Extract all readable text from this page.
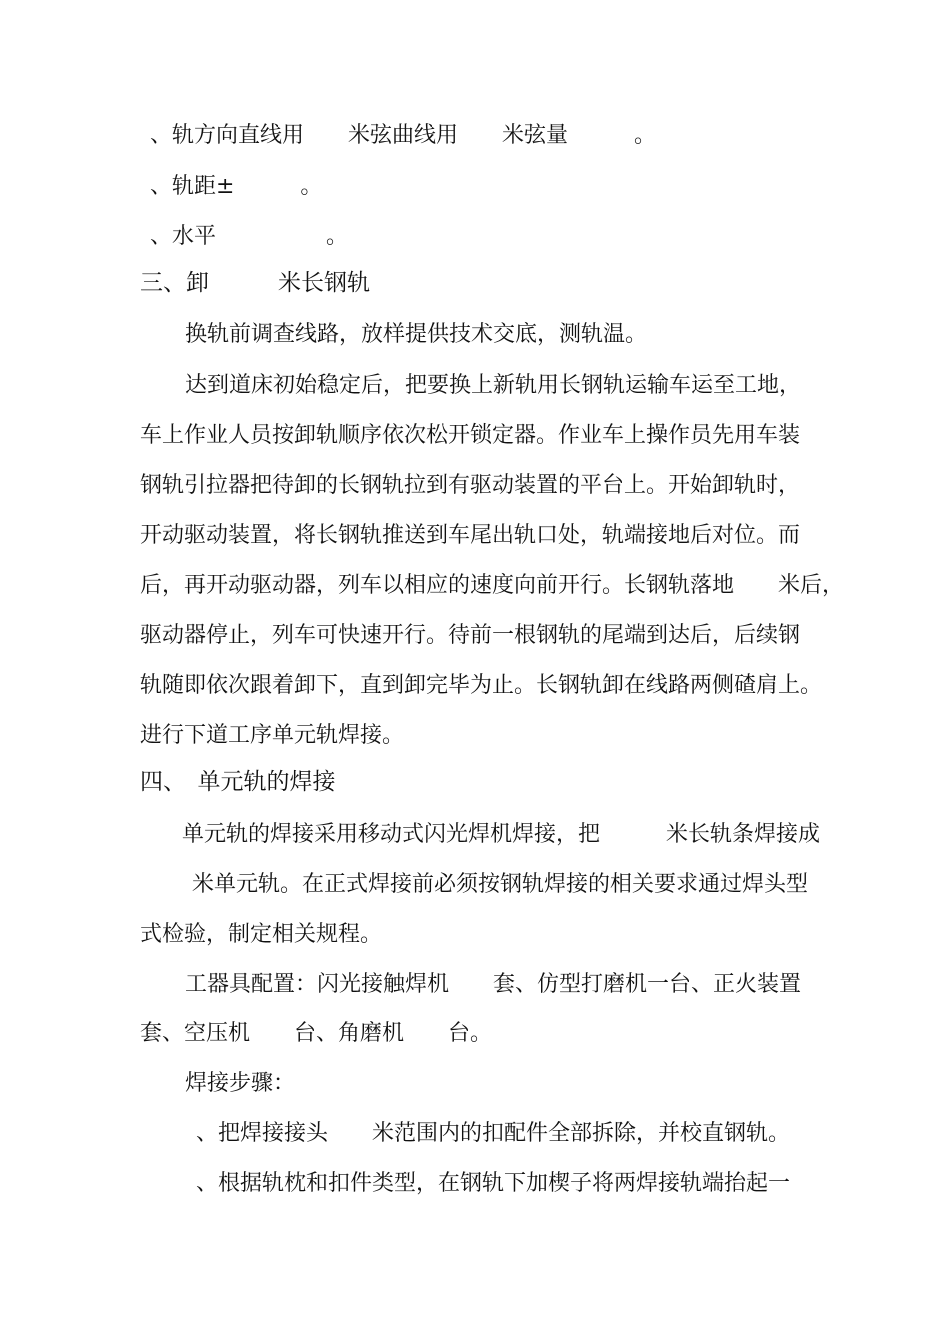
、轨方向直线用　　米弦曲线用　　米弦量　　　。
、轨距±　　　。
、水平　　　　　。
三、卸　　　米长钢轨
换轨前调查线路，放样提供技术交底，测轨温。
达到道床初始稳定后，把要换上新轨用长钢轨运输车运至工地，
车上作业人员按卸轨顺序依次松开锁定器。作业车上操作员先用车装
钢轨引拉器把待卸的长钢轨拉到有驱动装置的平台上。开始卸轨时，
开动驱动装置，将长钢轨推送到车尾出轨口处，轨端接地后对位。而
后，再开动驱动器，列车以相应的速度向前开行。长钢轨落地　　米后，
驱动器停止，列车可快速开行。待前一根钢轨的尾端到达后，后续钢
轨随即依次跟着卸下，直到卸完毕为止。长钢轨卸在线路两侧碴肩上。
进行下道工序单元轨焊接。
四、　单元轨的焊接
单元轨的焊接采用移动式闪光焊机焊接，把　　　米长轨条焊接成
米单元轨。在正式焊接前必须按钢轨焊接的相关要求通过焊头型
式检验，制定相关规程。
工器具配置：闪光接触焊机　　套、仿型打磨机一台、正火装置
套、空压机　　台、角磨机　　台。
焊接步骤：
、把焊接接头　　米范围内的扣配件全部拆除，并校直钢轨。
、根据轨枕和扣件类型，在钢轨下加楔子将两焊接轨端抬起一
